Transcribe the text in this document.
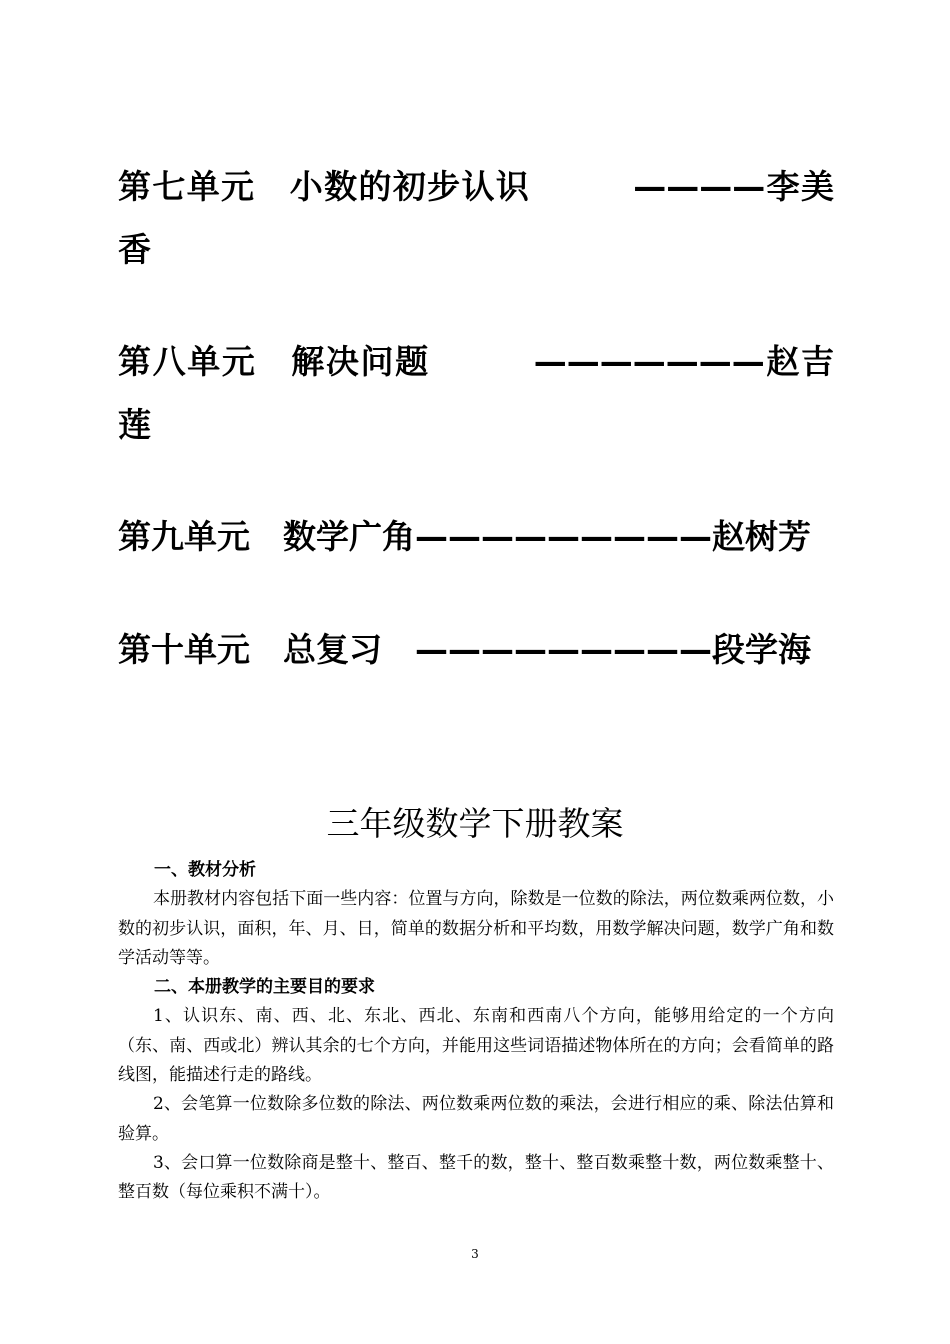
第七单元　小数的初步认识　　　————李美香

第八单元　解决问题　　　———————赵吉莲

第九单元　数学广角—————————赵树芳

第十单元　总复习　—————————段学海

三年级数学下册教案

一、教材分析

本册教材内容包括下面一些内容：位置与方向，除数是一位数的除法，两位数乘两位数，小数的初步认识，面积，年、月、日，简单的数据分析和平均数，用数学解决问题，数学广角和数学活动等等。

二、本册教学的主要目的要求

1、认识东、南、西、北、东北、西北、东南和西南八个方向，能够用给定的一个方向（东、南、西或北）辨认其余的七个方向，并能用这些词语描述物体所在的方向；会看简单的路线图，能描述行走的路线。

2、会笔算一位数除多位数的除法、两位数乘两位数的乘法，会进行相应的乘、除法估算和验算。

3、会口算一位数除商是整十、整百、整千的数，整十、整百数乘整十数，两位数乘整十、整百数（每位乘积不满十）。

3
